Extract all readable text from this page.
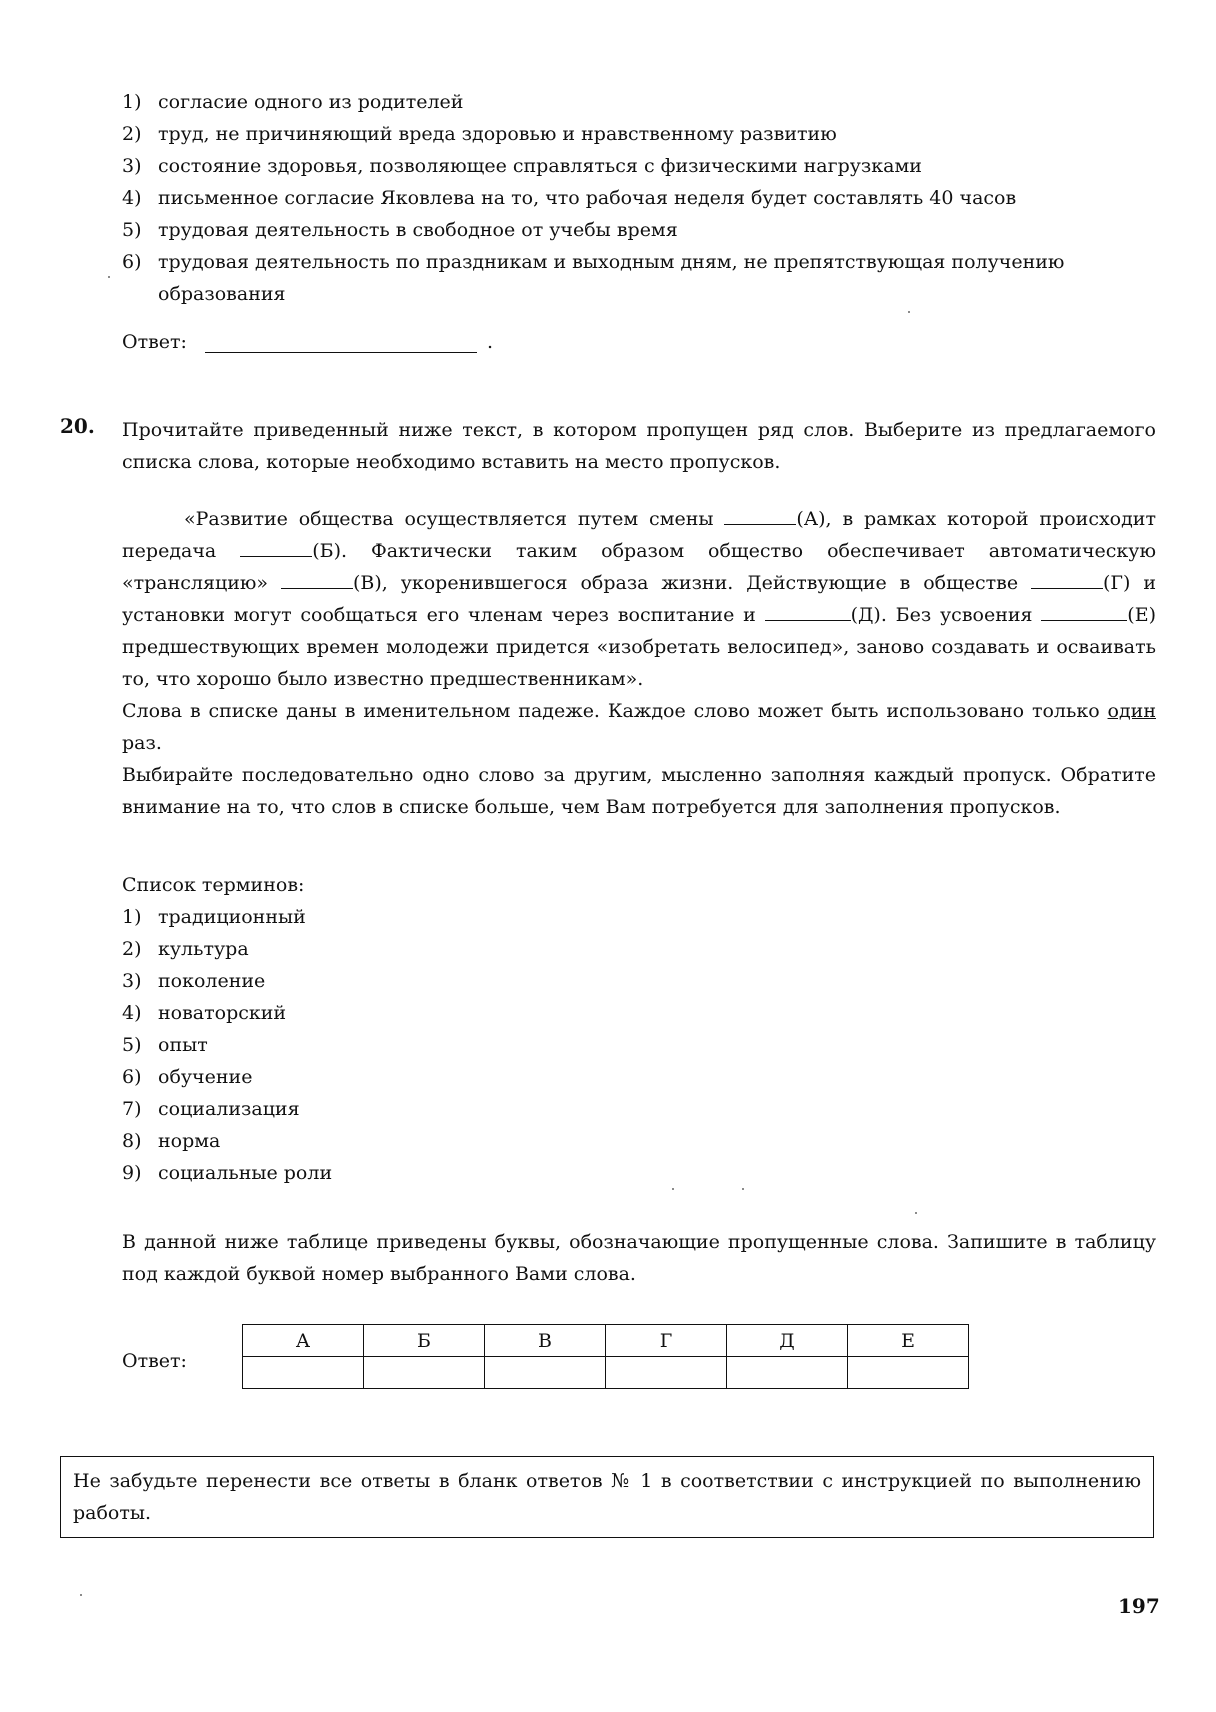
1) согласие одного из родителей
2) труд, не причиняющий вреда здоровью и нравственному развитию
3) состояние здоровья, позволяющее справляться с физическими нагрузками
4) письменное согласие Яковлева на то, что рабочая неделя будет составлять 40 часов
5) трудовая деятельность в свободное от учебы время
6) трудовая деятельность по праздникам и выходным дням, не препятствующая получению образования
Ответ:	.
20. Прочитайте приведенный ниже текст, в котором пропущен ряд слов. Выберите из предлагаемого списка слова, которые необходимо вставить на место пропусков.

«Развитие общества осуществляется путем смены	(А), в рамках которой происходит передача	(Б). Фактически таким образом общество обеспечивает автоматическую «трансляцию»	(В), укоренившегося образа жизни. Действующие в обществе	(Г) и установки могут сообщаться его членам через воспитание и	(Д). Без усвоения	(Е) предшествующих времен молодежи придется «изобретать велосипед», заново создавать и осваивать то, что хорошо было известно предшественникам».

Слова в списке даны в именительном падеже. Каждое слово может быть использовано только один раз.

Выбирайте последовательно одно слово за другим, мысленно заполняя каждый пропуск. Обратите внимание на то, что слов в списке больше, чем Вам потребуется для заполнения пропусков.

Список терминов:
1) традиционный
2) культура
3) поколение
4) новаторский
5) опыт
6) обучение
7) социализация
8) норма
9) социальные роли
В данной ниже таблице приведены буквы, обозначающие пропущенные слова. Запишите в таблицу под каждой буквой номер выбранного Вами слова.
Ответ:
А	Б	В	Г	Д	Е

Не забудьте перенести все ответы в бланк ответов № 1 в соответствии с инструкцией по выполнению работы.
197
